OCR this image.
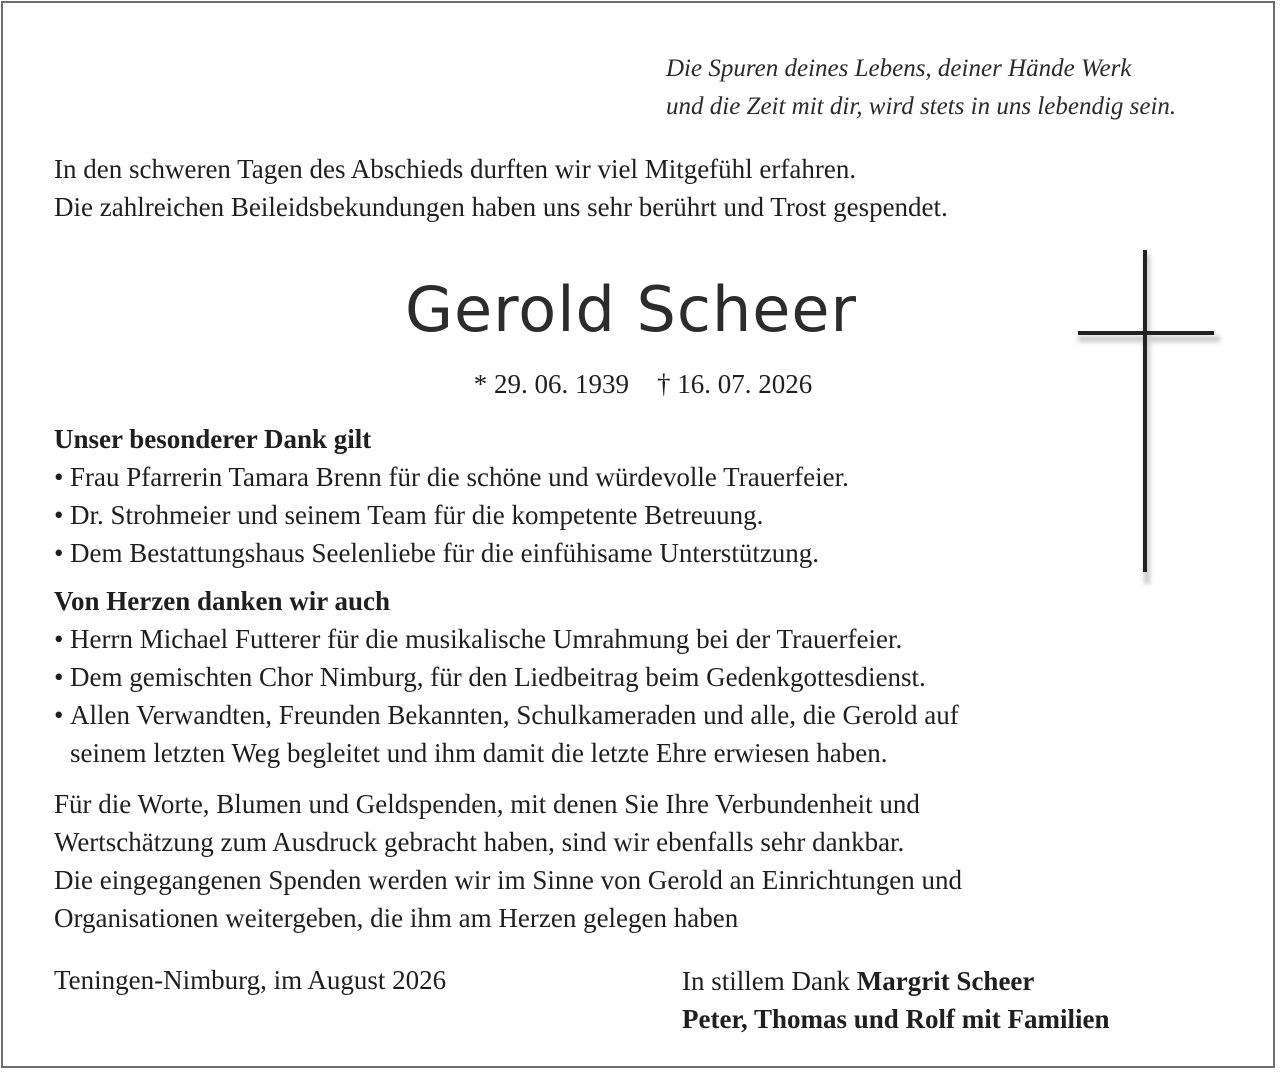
Die Spuren deines Lebens, deiner Hände Werk
und die Zeit mit dir, wird stets in uns lebendig sein.
In den schweren Tagen des Abschieds durften wir viel Mitgefühl erfahren.
Die zahlreichen Beileidsbekundungen haben uns sehr berührt und Trost gespendet.
Gerold Scheer
* 29. 06. 1939 † 16. 07. 2026
Unser besonderer Dank gilt
• Frau Pfarrerin Tamara Brenn für die schöne und würdevolle Trauerfeier.
• Dr. Strohmeier und seinem Team für die kompetente Betreuung.
• Dem Bestattungshaus Seelenliebe für die einfühisame Unterstützung.
Von Herzen danken wir auch
• Herrn Michael Futterer für die musikalische Umrahmung bei der Trauerfeier.
• Dem gemischten Chor Nimburg, für den Liedbeitrag beim Gedenkgottesdienst.
• Allen Verwandten, Freunden Bekannten, Schulkameraden und alle, die Gerold auf
seinem letzten Weg begleitet und ihm damit die letzte Ehre erwiesen haben.
Für die Worte, Blumen und Geldspenden, mit denen Sie Ihre Verbundenheit und
Wertschätzung zum Ausdruck gebracht haben, sind wir ebenfalls sehr dankbar.
Die eingegangenen Spenden werden wir im Sinne von Gerold an Einrichtungen und
Organisationen weitergeben, die ihm am Herzen gelegen haben
Teningen-Nimburg, im August 2026	In stillem Dank Margrit Scheer
Peter, Thomas und Rolf mit Familien
